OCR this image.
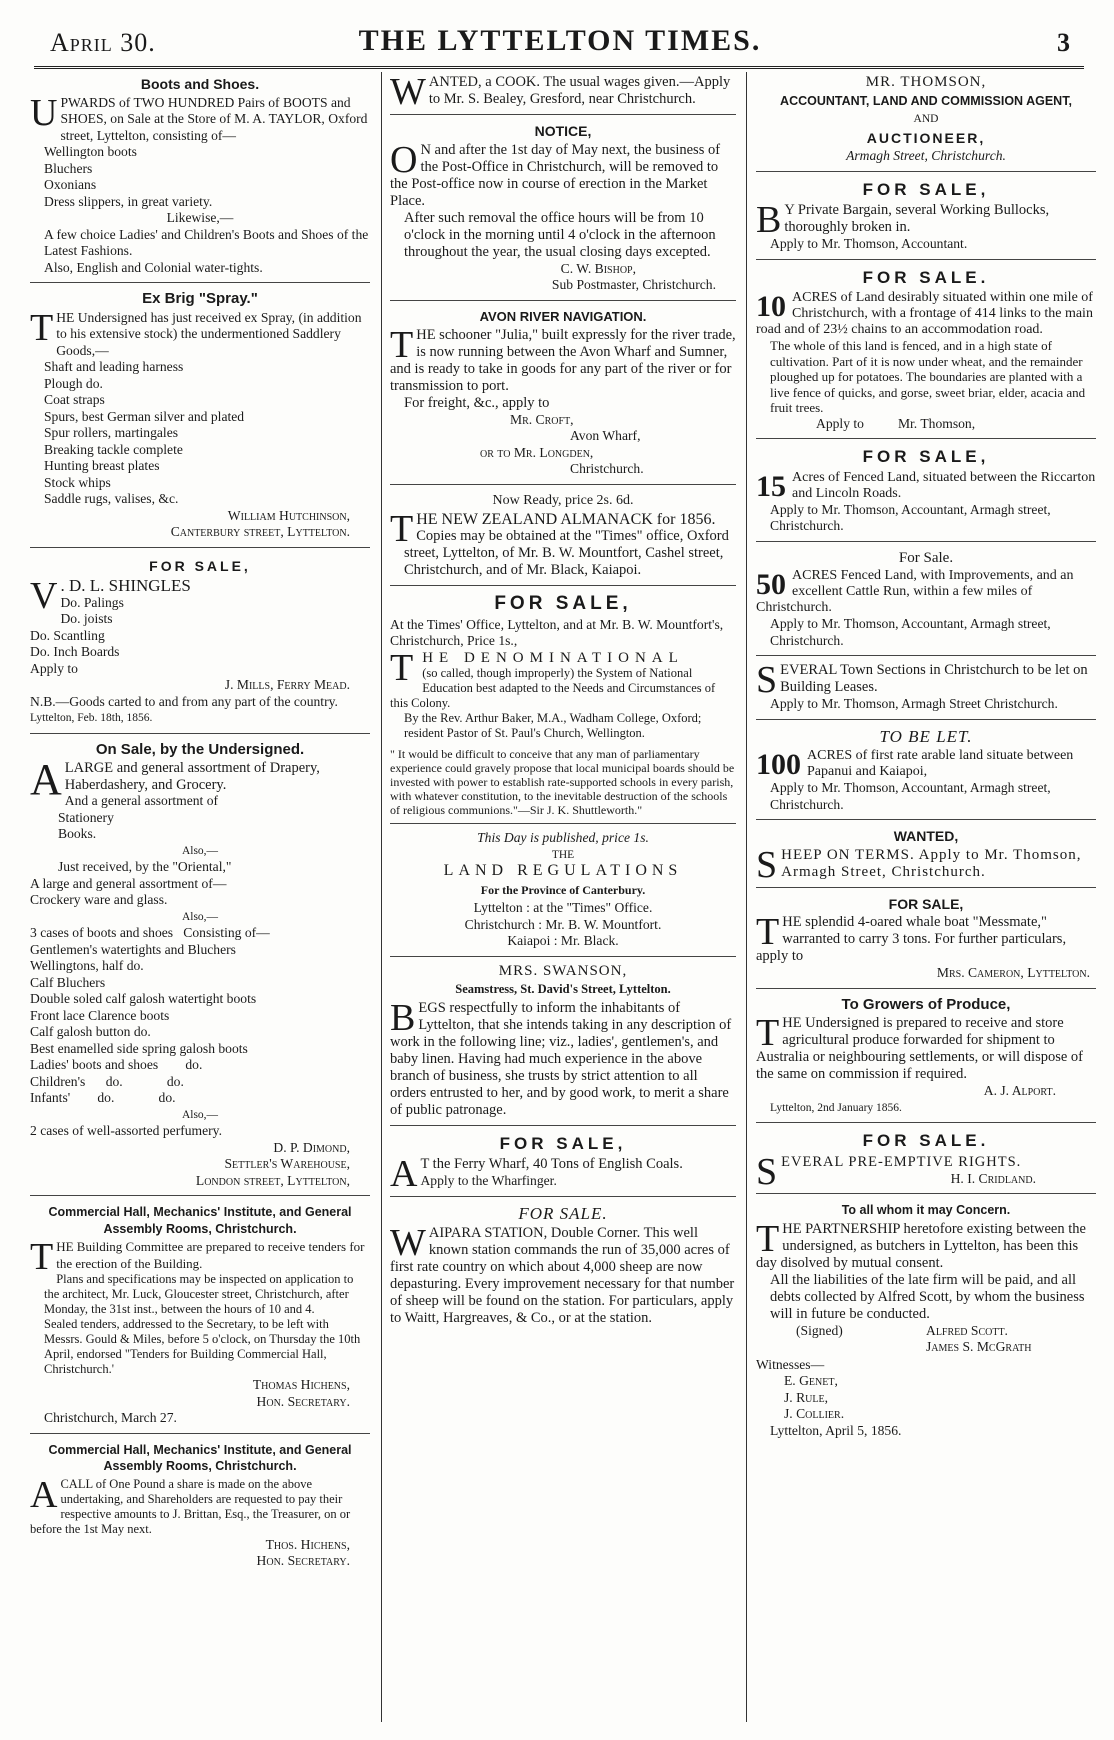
April 30.	THE LYTTELTON TIMES.	3
Boots and Shoes.

UPWARDS of TWO HUNDRED Pairs of BOOTS and SHOES, on Sale at the Store of M. A. TAYLOR, Oxford street, Lyttelton, consisting of—

Wellington boots
Bluchers
Oxonians
Dress slippers, in great variety.
Likewise,—

A few choice Ladies' and Children's Boots and Shoes of the Latest Fashions.

Also, English and Colonial water-tights.

Ex Brig "Spray."

THE Undersigned has just received ex Spray, (in addition to his extensive stock) the undermentioned Saddlery Goods,—

Shaft and leading harness
Plough do.
Coat straps
Spurs, best German silver and plated
Spur rollers, martingales
Breaking tackle complete
Hunting breast plates
Stock whips
Saddle rugs, valises, &c.
William Hutchinson,
Canterbury street, Lyttelton.
FOR SALE,

V . D. L. SHINGLES

Do. Palings
Do. joists
Do. Scantling
Do. Inch Boards
Apply to
J. Mills, Ferry Mead.

N.B.—Goods carted to and from any part of the country.

Lyttelton, Feb. 18th, 1856.
On Sale, by the Undersigned.

ALARGE and general assortment of Drapery, Haberdashery, and Grocery.

And a general assortment of
Stationery
Books.
Also,—
Just received, by the "Oriental,"
A large and general assortment of—
Crockery ware and glass.
Also,—
3 cases of boots and shoes   Consisting of—
Gentlemen's watertights and Bluchers
Wellingtons, half do.
Calf Bluchers
Double soled calf galosh watertight boots
Front lace Clarence boots
Calf galosh button do.
Best enamelled side spring galosh boots
Ladies' boots and shoes        do.
Children's      do.             do.
Infants'        do.             do.
Also,—
2 cases of well-assorted perfumery.
D. P. Dimond,
Settler's Warehouse,
London street, Lyttelton,
Commercial Hall, Mechanics' Institute, and General Assembly Rooms, Christchurch.

THE Building Committee are prepared to receive tenders for the erection of the Building.

Plans and specifications may be inspected on application to the architect, Mr. Luck, Gloucester street, Christchurch, after Monday, the 31st inst., between the hours of 10 and 4.

Sealed tenders, addressed to the Secretary, to be left with Messrs. Gould & Miles, before 5 o'clock, on Thursday the 10th April, endorsed "Tenders for Building Commercial Hall, Christchurch.'

Thomas Hichens,
Hon. Secretary.
Christchurch, March 27.
Commercial Hall, Mechanics' Institute, and General Assembly Rooms, Christchurch.

ACALL of One Pound a share is made on the above undertaking, and Shareholders are requested to pay their respective amounts to J. Brittan, Esq., the Treasurer, on or before the 1st May next.

Thos. Hichens,
Hon. Secretary.

WANTED, a COOK. The usual wages given.—Apply to Mr. S. Bealey, Gresford, near Christchurch.

NOTICE,

O N and after the 1st day of May next, the business of the Post-Office in Christchurch, will be removed to the Post-office now in course of erection in the Market Place.

After such removal the office hours will be from 10 o'clock in the morning until 4 o'clock in the afternoon throughout the year, the usual closing days excepted.

C. W. Bishop,
Sub Postmaster, Christchurch.
AVON RIVER NAVIGATION.

THE schooner "Julia," built expressly for the river trade, is now running between the Avon Wharf and Sumner, and is ready to take in goods for any part of the river or for transmission to port.

For freight, &c., apply to

Mr. Croft,
Avon Wharf,
or to Mr. Longden,
Christchurch.
Now Ready, price 2s. 6d.

THE NEW ZEALAND ALMANACK for 1856.

Copies may be obtained at the "Times" office, Oxford street, Lyttelton, of Mr. B. W. Mountfort, Cashel street, Christchurch, and of Mr. Black, Kaiapoi.

FOR SALE,

At the Times' Office, Lyttelton, and at Mr. B. W. Mountfort's, Christchurch, Price 1s.,

THE DENOMINATIONAL

(so called, though improperly) the System of National Education best adapted to the Needs and Circumstances of this Colony.

By the Rev. Arthur Baker, M.A., Wadham College, Oxford; resident Pastor of St. Paul's Church, Wellington.

" It would be difficult to conceive that any man of parliamentary experience could gravely propose that local municipal boards should be invested with power to establish rate-supported schools in every parish, with whatever constitution, to the inevitable destruction of the schools of religious communions."—Sir J. K. Shuttleworth."

This Day is published, price 1s.
THE
LAND REGULATIONS
For the Province of Canterbury.
Lyttelton : at the "Times" Office.
Christchurch : Mr. B. W. Mountfort.
Kaiapoi : Mr. Black.
MRS. SWANSON,
Seamstress, St. David's Street, Lyttelton.

BEGS respectfully to inform the inhabitants of Lyttelton, that she intends taking in any description of work in the following line; viz., ladies', gentlemen's, and baby linen. Having had much experience in the above branch of business, she trusts by strict attention to all orders entrusted to her, and by good work, to merit a share of public patronage.

FOR SALE,

A T the Ferry Wharf, 40 Tons of English Coals.

Apply to the Wharfinger.

FOR SALE.

WAIPARA STATION, Double Corner. This well known station commands the run of 35,000 acres of first rate country on which about 4,000 sheep are now depasturing. Every improvement necessary for that number of sheep will be found on the station. For particulars, apply to Waitt, Hargreaves, & Co., or at the station.

MR. THOMSON,
ACCOUNTANT, LAND AND COMMISSION AGENT,
AND
AUCTIONEER,
Armagh Street, Christchurch.
FOR SALE,

B Y Private Bargain, several Working Bullocks, thoroughly broken in.

Apply to Mr. Thomson, Accountant.

FOR SALE.

10 ACRES of Land desirably situated within one mile of Christchurch, with a frontage of 414 links to the main road and of 23½ chains to an accommodation road.

The whole of this land is fenced, and in a high state of cultivation. Part of it is now under wheat, and the remainder ploughed up for potatoes. The boundaries are planted with a live fence of quicks, and gorse, sweet briar, elder, acacia and fruit trees.

Apply to          Mr. Thomson,
FOR SALE,

15 Acres of Fenced Land, situated between the Riccarton and Lincoln Roads.

Apply to Mr. Thomson, Accountant, Armagh street, Christchurch.

For Sale.

50 ACRES Fenced Land, with Improvements, and an excellent Cattle Run, within a few miles of Christchurch.

Apply to Mr. Thomson, Accountant, Armagh street, Christchurch.

SEVERAL Town Sections in Christchurch to be let on Building Leases.

Apply to Mr. Thomson, Armagh Street Christchurch.

TO BE LET.

100 ACRES of first rate arable land situate between Papanui and Kaiapoi,

Apply to Mr. Thomson, Accountant, Armagh street, Christchurch.

WANTED,

SHEEP ON TERMS. Apply to Mr. Thomson, Armagh Street, Christchurch.

FOR SALE,

THE splendid 4-oared whale boat "Messmate," warranted to carry 3 tons. For further particulars, apply to

Mrs. Cameron, Lyttelton.
To Growers of Produce,

THE Undersigned is prepared to receive and store agricultural produce forwarded for shipment to Australia or neighbouring settlements, or will dispose of the same on commission if required.

A. J. Alport.
Lyttelton, 2nd January 1856.
FOR SALE.

SEVERAL PRE-EMPTIVE RIGHTS.

H. I. Cridland.
To all whom it may Concern.

THE PARTNERSHIP heretofore existing between the undersigned, as butchers in Lyttelton, has been this day disolved by mutual consent.

All the liabilities of the late firm will be paid, and all debts collected by Alfred Scott, by whom the business will in future be conducted.

(Signed)	Alfred Scott.
James S. McGrath
Witnesses—
E. Genet,
J. Rule,
J. Collier.
Lyttelton, April 5, 1856.
